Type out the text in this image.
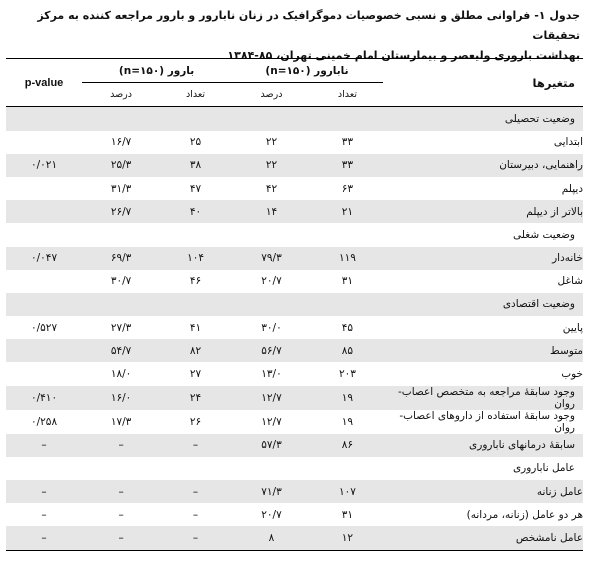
جدول ۱- فراوانی مطلق و نسبی خصوصیات دموگرافیک در زنان نابارور و بارور مراجعه کننده به مرکز تحقیقات
بهداشت باروری ولیعصر و بیمارستان امام خمینی تهران، ۸۵-۱۳۸۴
متغیرها	نابارور (n=۱۵۰)		بارور (n=۱۵۰)		p-value
	تعداد	درصد	تعداد	درصد	
وضعیت تحصیلی					
ابتدایی	۳۳	۲۲	۲۵	۱۶/۷	
راهنمایی، دبیرستان	۳۳	۲۲	۳۸	۲۵/۳	۰/۰۲۱
دیپلم	۶۳	۴۲	۴۷	۳۱/۳	
بالاتر از دیپلم	۲۱	۱۴	۴۰	۲۶/۷	
وضعیت شغلی					
خانه‌دار	۱۱۹	۷۹/۳	۱۰۴	۶۹/۳	۰/۰۴۷
شاغل	۳۱	۲۰/۷	۴۶	۳۰/۷	
وضعیت اقتصادی					
پایین	۴۵	۳۰/۰	۴۱	۲۷/۳	۰/۵۲۷
متوسط	۸۵	۵۶/۷	۸۲	۵۴/۷	
خوب	۲۰۳	۱۳/۰	۲۷	۱۸/۰	
وجود سابقهٔ مراجعه به متخصص اعصاب- روان	۱۹	۱۲/۷	۲۴	۱۶/۰	۰/۴۱۰
وجود سابقهٔ استفاده از داروهای اعصاب- روان	۱۹	۱۲/۷	۲۶	۱۷/۳	۰/۲۵۸
سابقهٔ درمانهای ناباروری	۸۶	۵۷/۳	–	–	–
عامل ناباروری					
عامل زنانه	۱۰۷	۷۱/۳	–	–	–
هر دو عامل (زنانه، مردانه)	۳۱	۲۰/۷	–	–	–
عامل نامشخص	۱۲	۸	–	–	–
